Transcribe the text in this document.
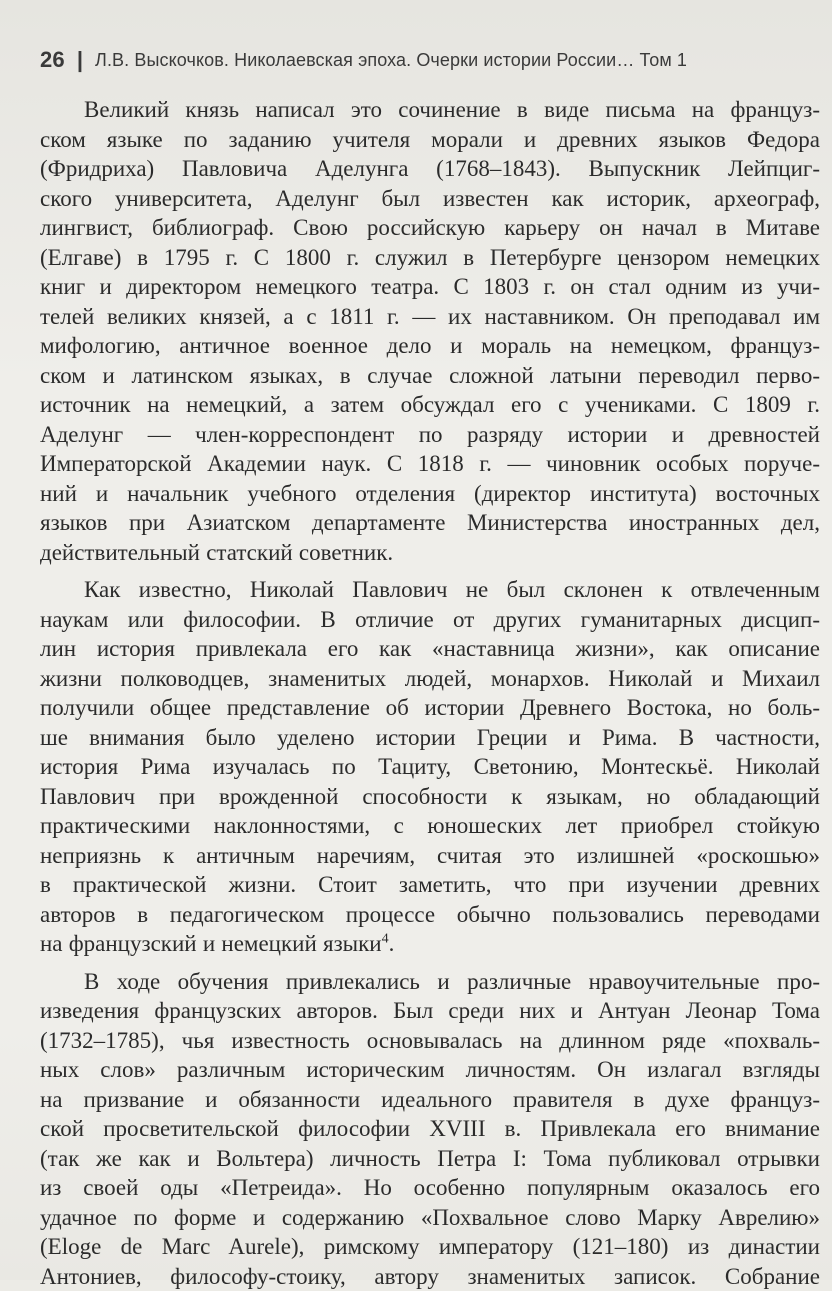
26 | Л.В. Выскочков. Николаевская эпоха. Очерки истории России… Том 1
Великий князь написал это сочинение в виде письма на француз-
ском языке по заданию учителя морали и древних языков Федора
(Фридриха) Павловича Аделунга (1768–1843). Выпускник Лейпциг-
ского университета, Аделунг был известен как историк, археограф,
лингвист, библиограф. Свою российскую карьеру он начал в Митаве
(Елгаве) в 1795 г. С 1800 г. служил в Петербурге цензором немецких
книг и директором немецкого театра. С 1803 г. он стал одним из учи-
телей великих князей, а с 1811 г. — их наставником. Он преподавал им
мифологию, античное военное дело и мораль на немецком, француз-
ском и латинском языках, в случае сложной латыни переводил перво-
источник на немецкий, а затем обсуждал его с учениками. С 1809 г.
Аделунг — член-корреспондент по разряду истории и древностей
Императорской Академии наук. С 1818 г. — чиновник особых поруче-
ний и начальник учебного отделения (директор института) восточных
языков при Азиатском департаменте Министерства иностранных дел,
действительный статский советник.
Как известно, Николай Павлович не был склонен к отвлеченным
наукам или философии. В отличие от других гуманитарных дисцип-
лин история привлекала его как «наставница жизни», как описание
жизни полководцев, знаменитых людей, монархов. Николай и Михаил
получили общее представление об истории Древнего Востока, но боль-
ше внимания было уделено истории Греции и Рима. В частности,
история Рима изучалась по Тациту, Светонию, Монтескьё. Николай
Павлович при врожденной способности к языкам, но обладающий
практическими наклонностями, с юношеских лет приобрел стойкую
неприязнь к античным наречиям, считая это излишней «роскошью»
в практической жизни. Стоит заметить, что при изучении древних
авторов в педагогическом процессе обычно пользовались переводами
на французский и немецкий языки$^4$.
В ходе обучения привлекались и различные нравоучительные про-
изведения французских авторов. Был среди них и Антуан Леонар Тома
(1732–1785), чья известность основывалась на длинном ряде «похваль-
ных слов» различным историческим личностям. Он излагал взгляды
на призвание и обязанности идеального правителя в духе француз-
ской просветительской философии XVIII в. Привлекала его внимание
(так же как и Вольтера) личность Петра I: Тома публиковал отрывки
из своей оды «Петреида». Но особенно популярным оказалось его
удачное по форме и содержанию «Похвальное слово Марку Аврелию»
(Eloge de Marc Aurele), римскому императору (121–180) из династии
Антониев, философу-стоику, автору знаменитых записок. Собрание
